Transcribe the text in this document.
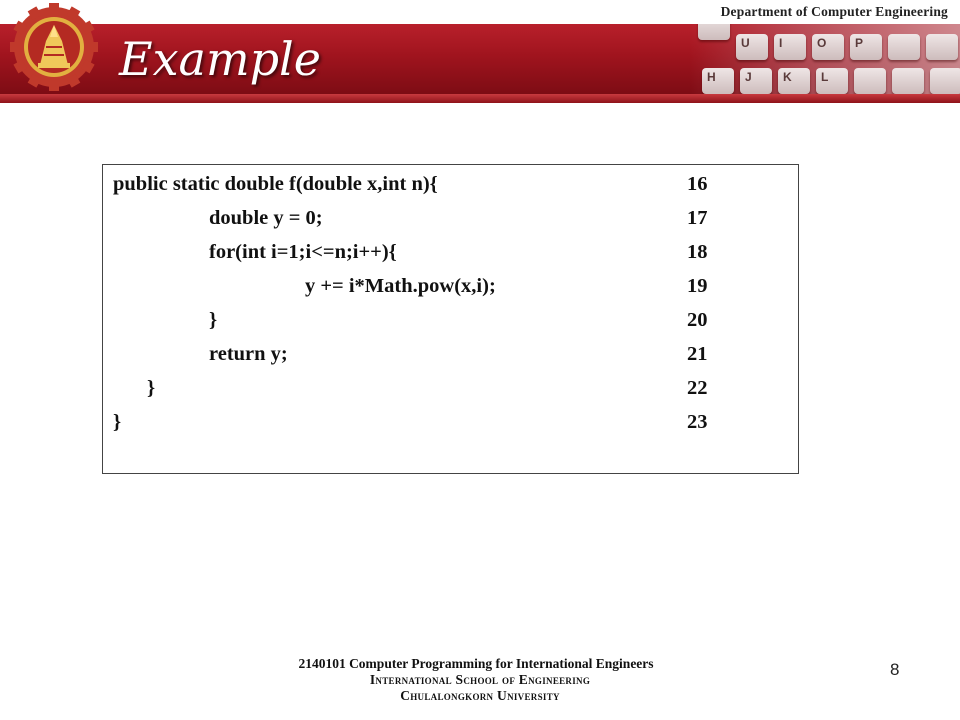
U	I	O	P
H	J	K	L
Department of Computer Engineering
Example
public static double f(double x,int n){	16
double y = 0;	17
for(int i=1;i<=n;i++){	18
y += i*Math.pow(x,i);	19
}	20
return y;	21
}	22
}	23
2140101 Computer Programming for International Engineers
International School of Engineering
Chulalongkorn University
8
